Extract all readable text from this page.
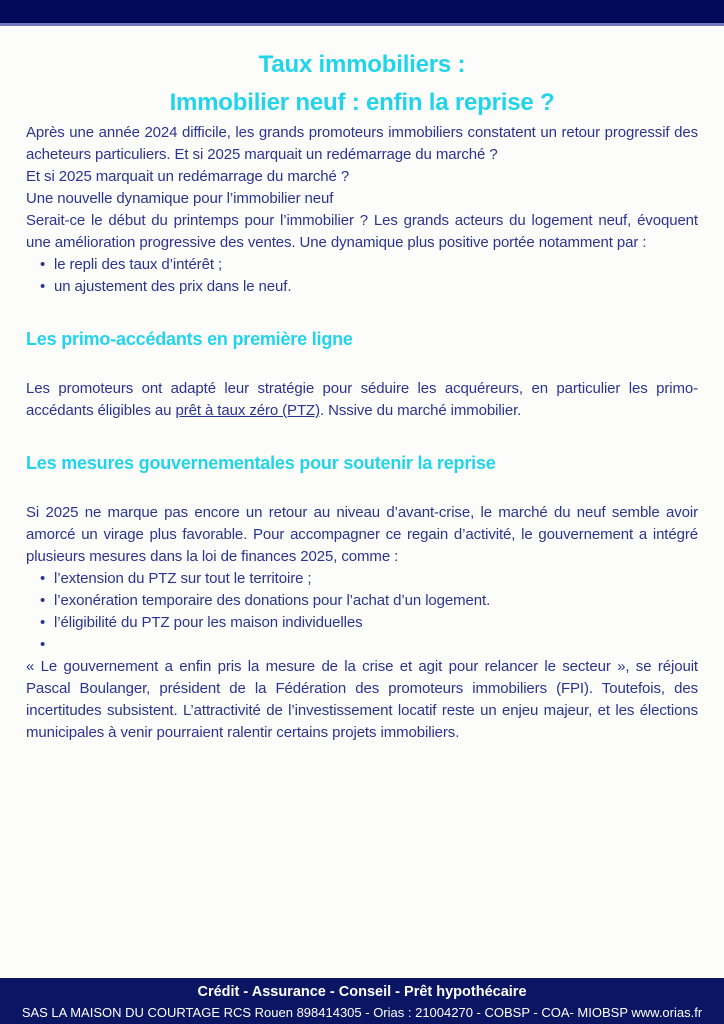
Taux immobiliers :
Immobilier neuf : enfin la reprise ?

Après une année 2024 difficile, les grands promoteurs immobiliers constatent un retour progressif des acheteurs particuliers. Et si 2025 marquait un redémarrage du marché ?

Et si 2025 marquait un redémarrage du marché ?

Une nouvelle dynamique pour l’immobilier neuf

Serait-ce le début du printemps pour l’immobilier ? Les grands acteurs du logement neuf, évoquent une amélioration progressive des ventes. Une dynamique plus positive portée notamment par :

• le repli des taux d’intérêt ;
• un ajustement des prix dans le neuf.
Les primo-accédants en première ligne

Les promoteurs ont adapté leur stratégie pour séduire les acquéreurs, en particulier les primo-accédants éligibles au prêt à taux zéro (PTZ). Nssive du marché immobilier.

Les mesures gouvernementales pour soutenir la reprise

Si 2025 ne marque pas encore un retour au niveau d’avant-crise, le marché du neuf semble avoir amorcé un virage plus favorable. Pour accompagner ce regain d’activité, le gouvernement a intégré plusieurs mesures dans la loi de finances 2025, comme :

• l’extension du PTZ sur tout le territoire ;
• l’exonération temporaire des donations pour l’achat d’un logement.
• l’éligibilité du PTZ pour les maison individuelles
•

« Le gouvernement a enfin pris la mesure de la crise et agit pour relancer le secteur », se réjouit Pascal Boulanger, président de la Fédération des promoteurs immobiliers (FPI). Toutefois, des incertitudes subsistent. L’attractivité de l’investissement locatif reste un enjeu majeur, et les élections municipales à venir pourraient ralentir certains projets immobiliers.

Crédit - Assurance - Conseil - Prêt hypothécaire
SAS LA MAISON DU COURTAGE RCS Rouen 898414305 - Orias : 21004270 - COBSP - COA- MIOBSP www.orias.fr
